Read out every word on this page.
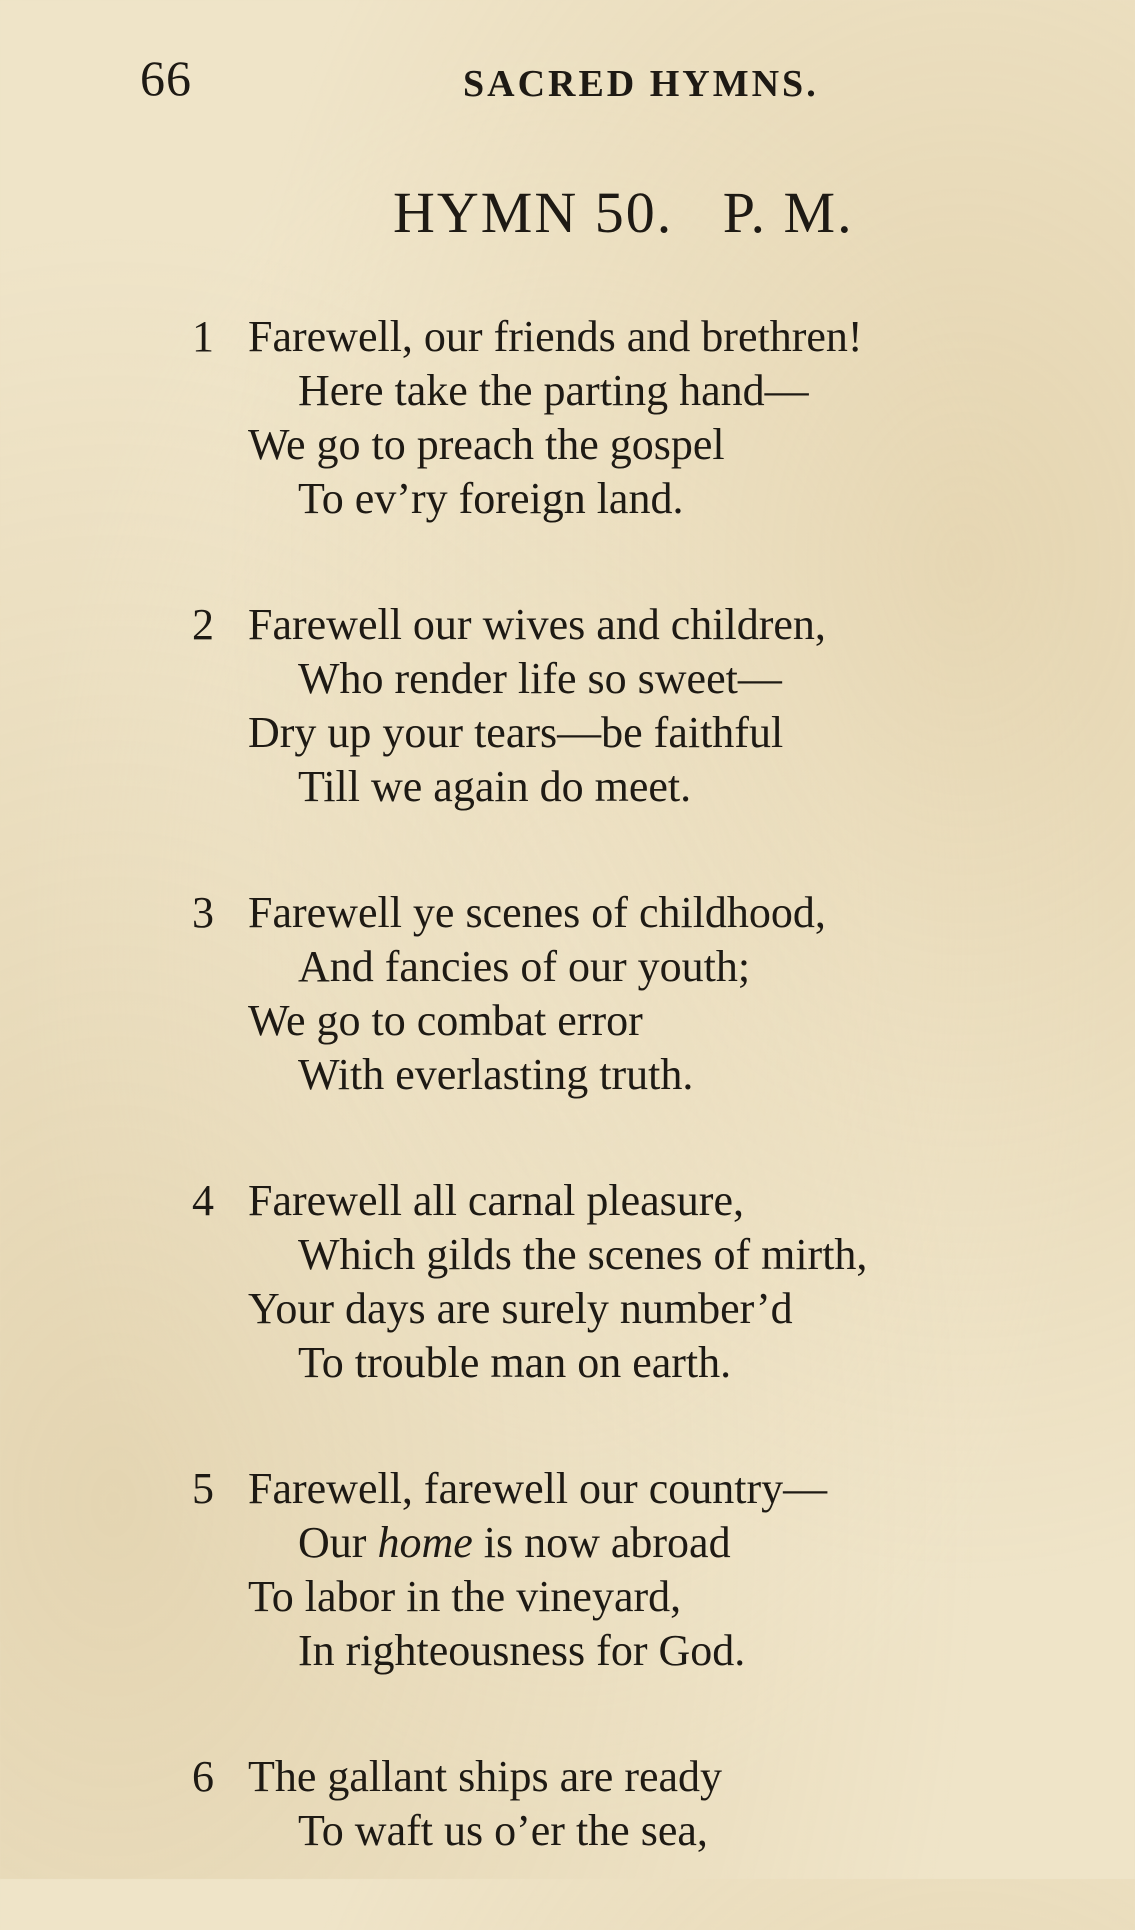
66	SACRED HYMNS.
HYMN 50.   P. M.
1 Farewell, our friends and brethren!
Here take the parting hand—
We go to preach the gospel
To ev’ry foreign land.
2 Farewell our wives and children,
Who render life so sweet—
Dry up your tears—be faithful
Till we again do meet.
3 Farewell ye scenes of childhood,
And fancies of our youth;
We go to combat error
With everlasting truth.
4 Farewell all carnal pleasure,
Which gilds the scenes of mirth,
Your days are surely number’d
To trouble man on earth.
5 Farewell, farewell our country—
Our home is now abroad
To labor in the vineyard,
In righteousness for God.
6 The gallant ships are ready
To waft us o’er the sea,
